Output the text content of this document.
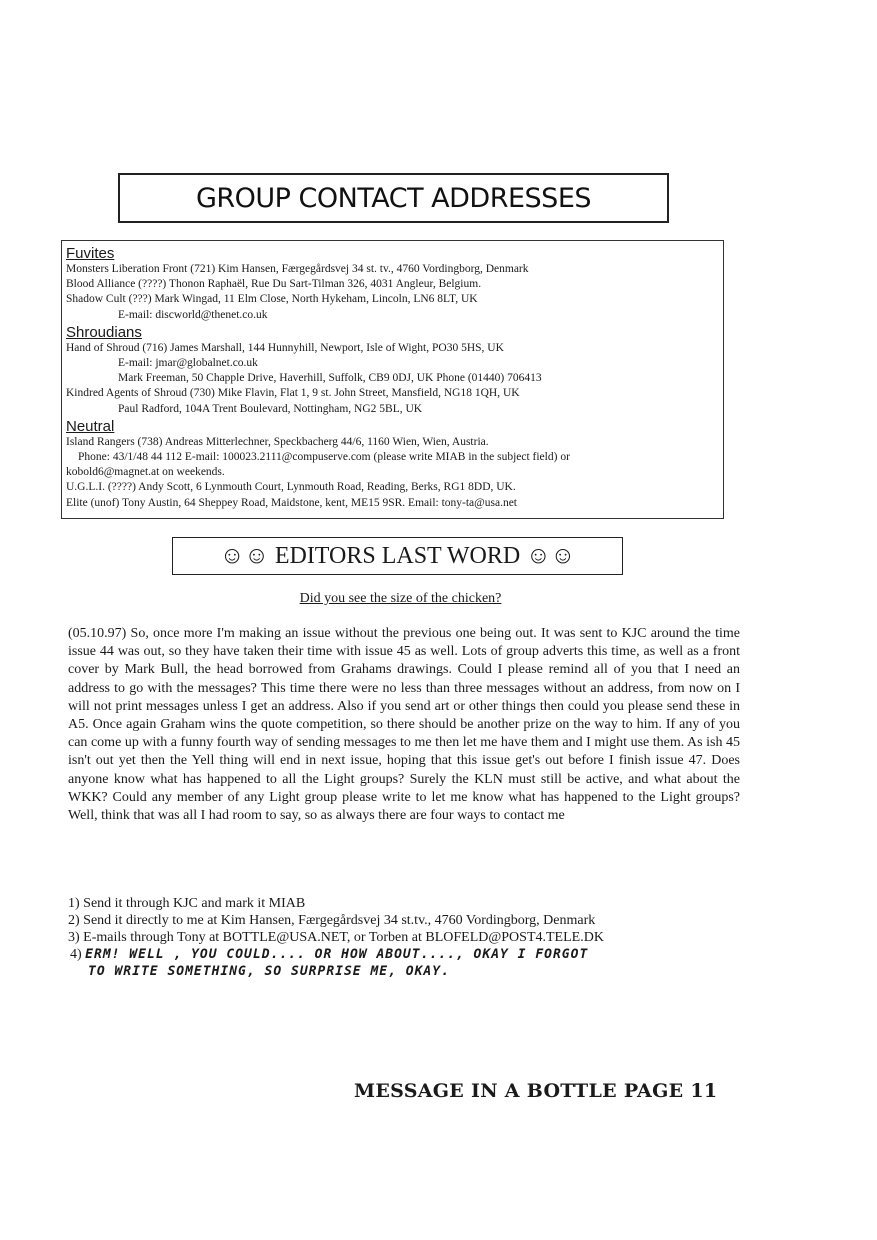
GROUP CONTACT ADDRESSES
Fuvites
Monsters Liberation Front (721) Kim Hansen, Færgegårdsvej 34 st. tv., 4760 Vordingborg, Denmark
Blood Alliance (????) Thonon Raphaël, Rue Du Sart-Tilman 326, 4031 Angleur, Belgium.
Shadow Cult (???) Mark Wingad, 11 Elm Close, North Hykeham, Lincoln, LN6 8LT, UK
E-mail: discworld@thenet.co.uk
Shroudians
Hand of Shroud (716) James Marshall, 144 Hunnyhill, Newport, Isle of Wight, PO30 5HS, UK
E-mail: jmar@globalnet.co.uk
Mark Freeman, 50 Chapple Drive, Haverhill, Suffolk, CB9 0DJ, UK Phone (01440) 706413
Kindred Agents of Shroud (730) Mike Flavin, Flat 1, 9 st. John Street, Mansfield, NG18 1QH, UK
Paul Radford, 104A Trent Boulevard, Nottingham, NG2 5BL, UK
Neutral
Island Rangers (738) Andreas Mitterlechner, Speckbacherg 44/6, 1160 Wien, Wien, Austria.
Phone: 43/1/48 44 112 E-mail: 100023.2111@compuserve.com (please write MIAB in the subject field) or
kobold6@magnet.at on weekends.
U.G.L.I. (????) Andy Scott, 6 Lynmouth Court, Lynmouth Road, Reading, Berks, RG1 8DD, UK.
Elite (unof) Tony Austin, 64 Sheppey Road, Maidstone, kent, ME15 9SR. Email: tony-ta@usa.net
☺☺ EDITORS LAST WORD ☺☺
Did you see the size of the chicken?

(05.10.97) So, once more I'm making an issue without the previous one being out. It was sent to KJC around the time issue 44 was out, so they have taken their time with issue 45 as well. Lots of group adverts this time, as well as a front cover by Mark Bull, the head borrowed from Grahams drawings. Could I please remind all of you that I need an address to go with the messages? This time there were no less than three messages without an address, from now on I will not print messages unless I get an address. Also if you send art or other things then could you please send these in A5. Once again Graham wins the quote competition, so there should be another prize on the way to him. If any of you can come up with a funny fourth way of sending messages to me then let me have them and I might use them. As ish 45 isn't out yet then the Yell thing will end in next issue, hoping that this issue get's out before I finish issue 47. Does anyone know what has happened to all the Light groups? Surely the KLN must still be active, and what about the WKK? Could any member of any Light group please write to let me know what has happened to the Light groups? Well, think that was all I had room to say, so as always there are four ways to contact me

1) Send it through KJC and mark it MIAB
2) Send it directly to me at Kim Hansen, Færgegårdsvej 34 st.tv., 4760 Vordingborg, Denmark
3) E-mails through Tony at BOTTLE@USA.NET, or Torben at BLOFELD@POST4.TELE.DK
4) ERM! WELL , YOU COULD.... OR HOW ABOUT...., OKAY I FORGOT
TO WRITE SOMETHING, SO SURPRISE ME, OKAY.
MESSAGE IN A BOTTLE PAGE 11
